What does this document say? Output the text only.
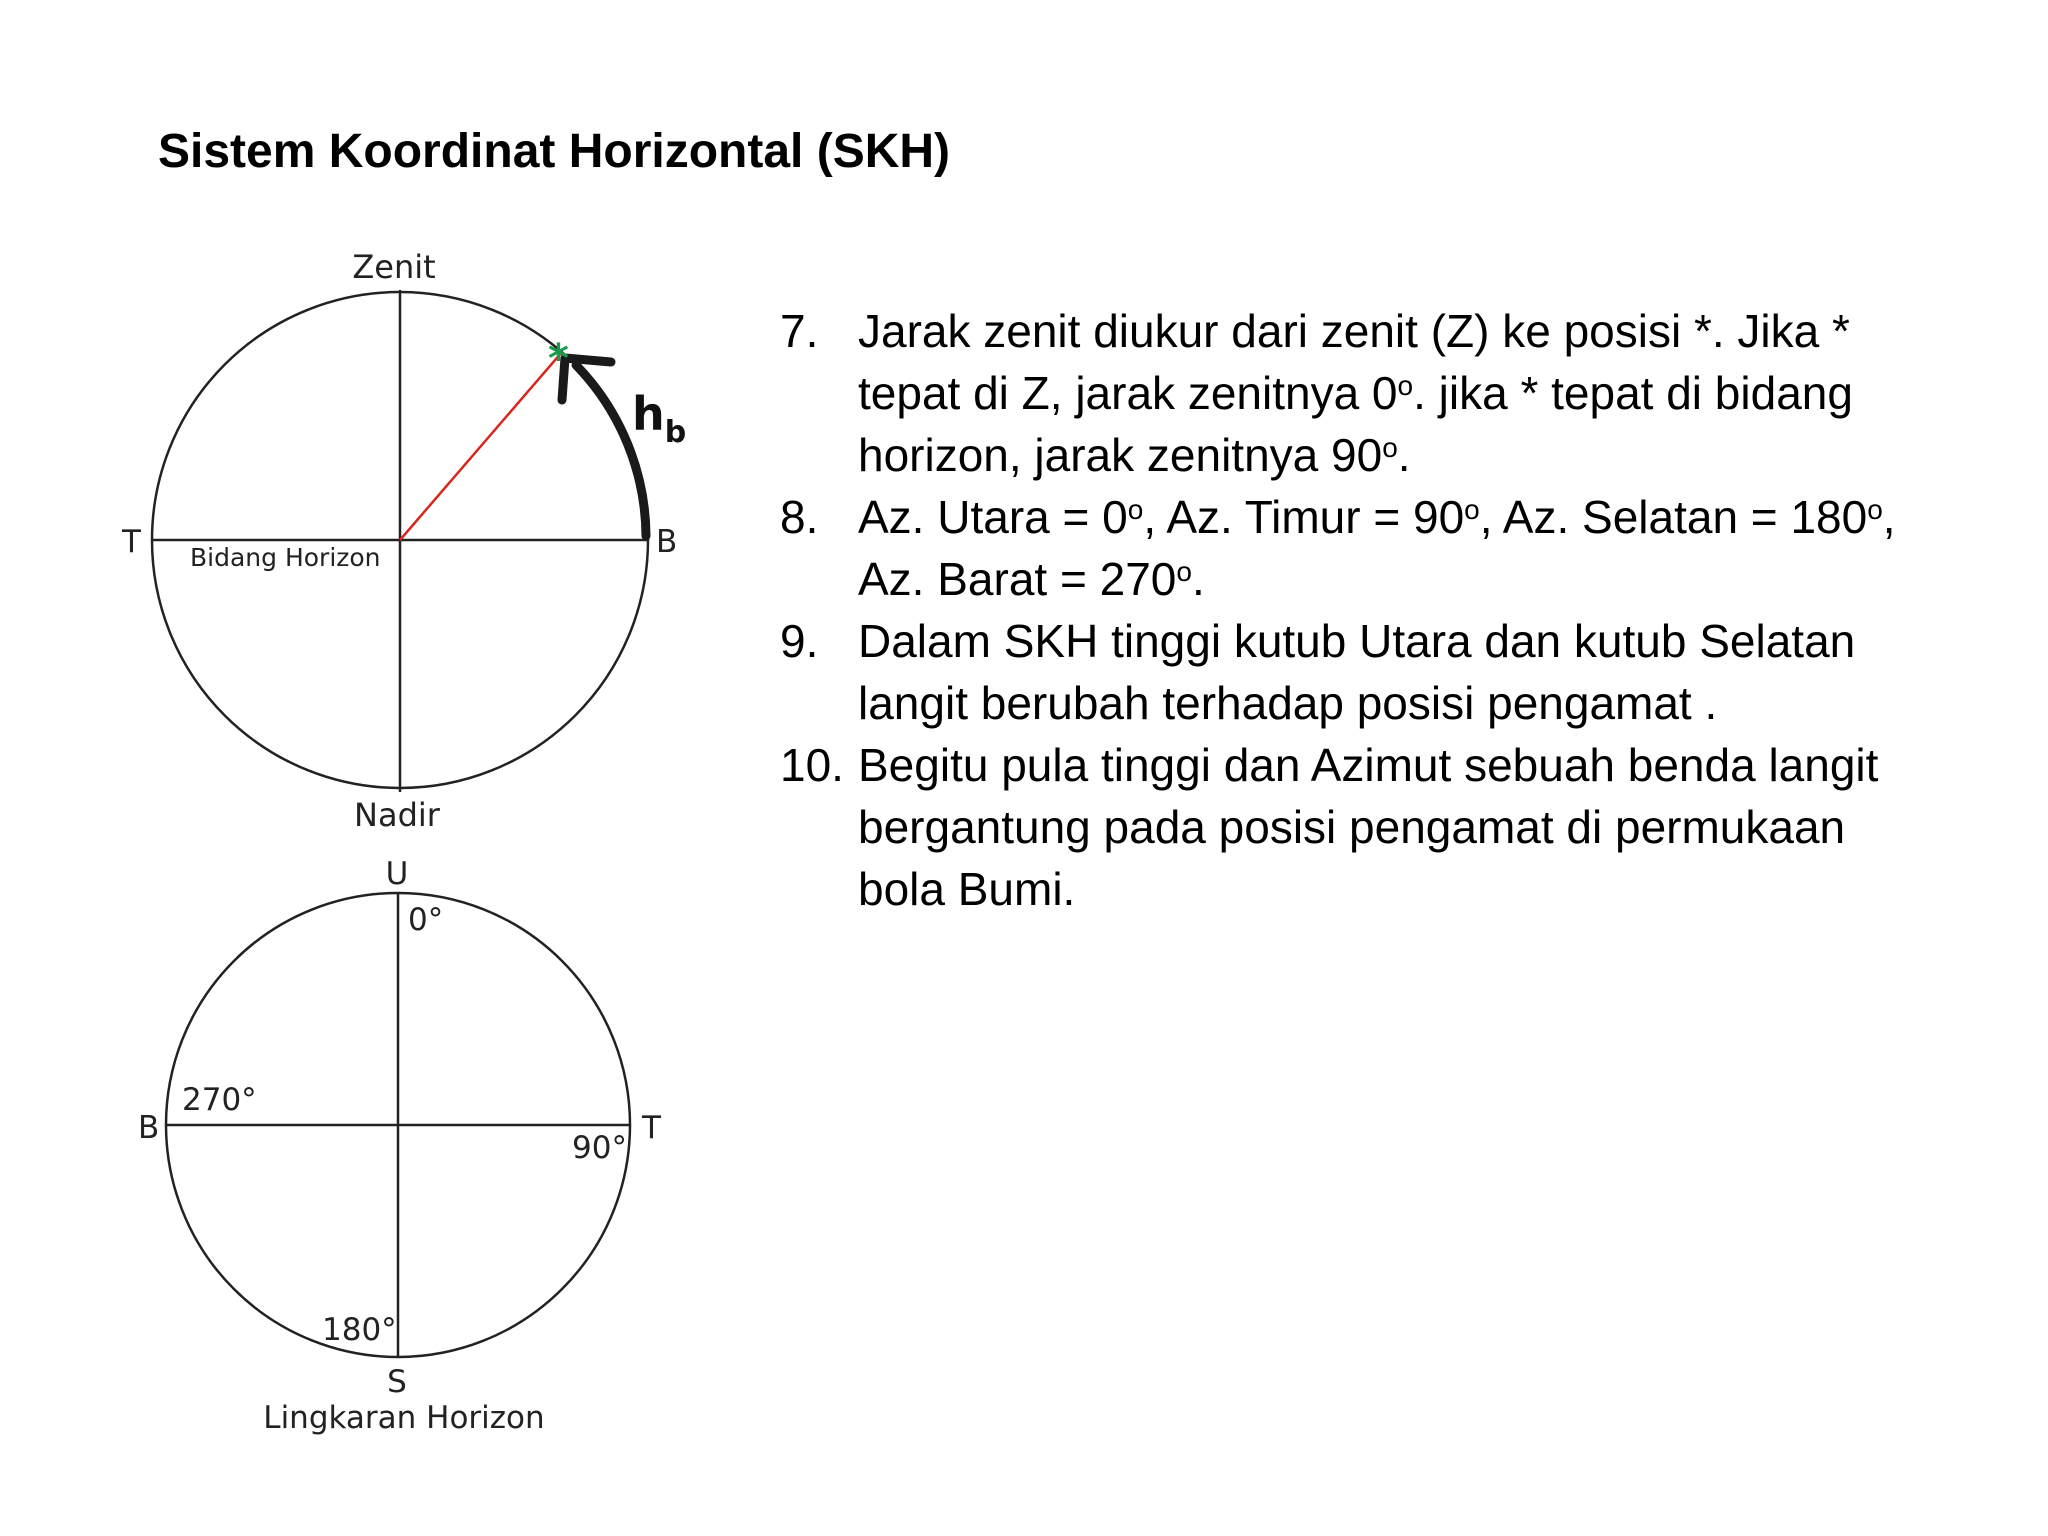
Sistem Koordinat Horizontal (SKH)
*
Zenit
Nadir
T	B
Bidang Horizon
$h_b$
U
S
B	T
0°
90°
180°
270°
Lingkaran Horizon
7. Jarak zenit diukur dari zenit (Z) ke posisi *. Jika *
tepat di Z, jarak zenitnya 0$^o$. jika * tepat di bidang
horizon, jarak zenitnya 90$^o$.
8. Az. Utara = $0^o$, Az. Timur = $90^o$, Az. Selatan = $180^o$,
Az. Barat = $270^o$.
9. Dalam SKH tinggi kutub Utara dan kutub Selatan
langit berubah terhadap posisi pengamat .
10. Begitu pula tinggi dan Azimut sebuah benda langit
bergantung pada posisi pengamat di permukaan
bola Bumi.
